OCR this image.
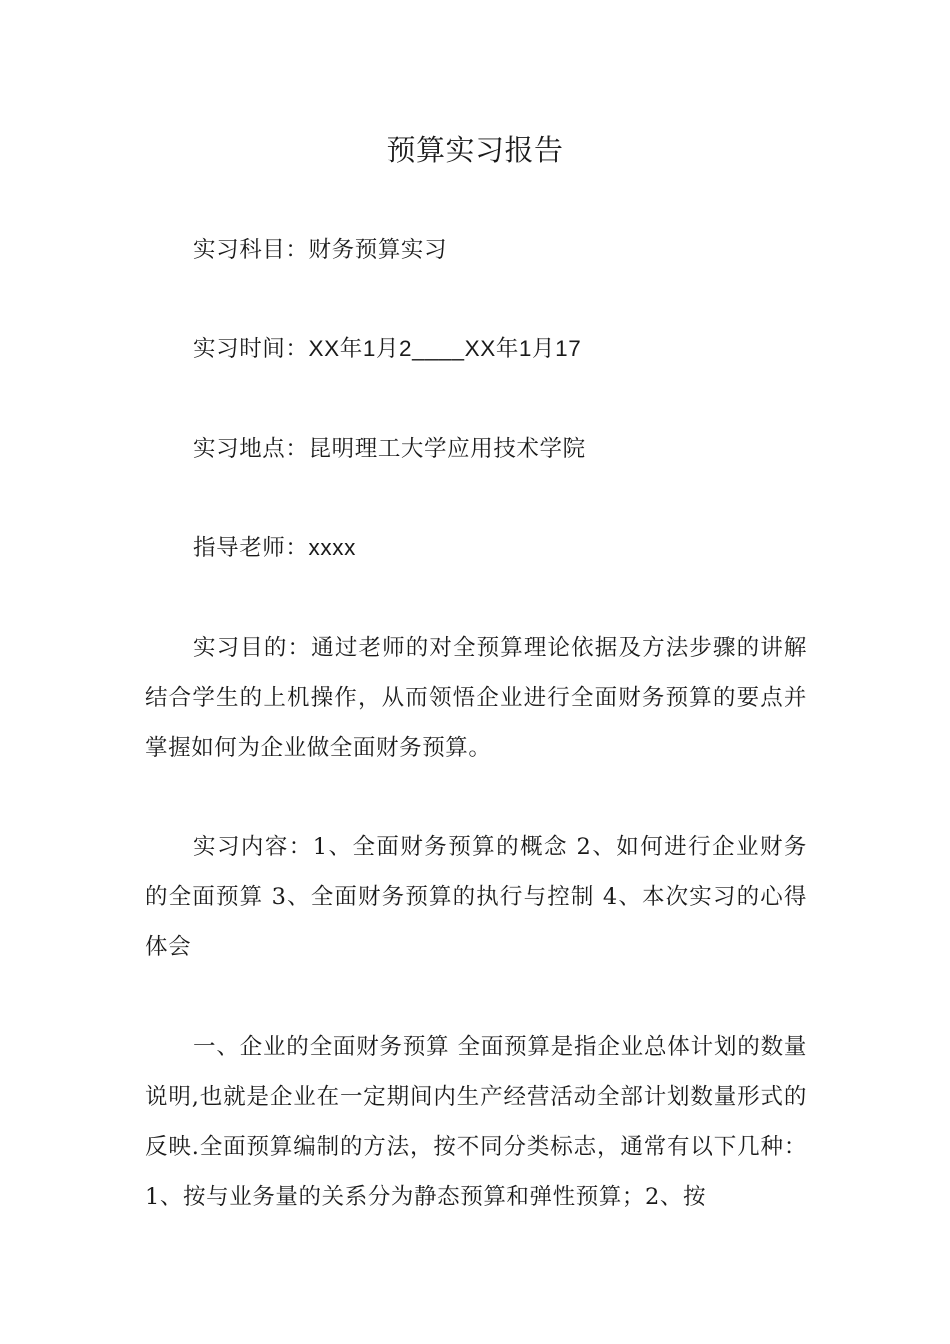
预算实习报告

实习科目：财务预算实习

实习时间：XX年1月2____XX年1月17

实习地点：昆明理工大学应用技术学院

指导老师：xxxx

实习目的：通过老师的对全预算理论依据及方法步骤的讲解结合学生的上机操作，从而领悟企业进行全面财务预算的要点并掌握如何为企业做全面财务预算。

实习内容：1、全面财务预算的概念 2、如何进行企业财务的全面预算 3、全面财务预算的执行与控制 4、本次实习的心得体会

一、企业的全面财务预算 全面预算是指企业总体计划的数量说明,也就是企业在一定期间内生产经营活动全部计划数量形式的反映.全面预算编制的方法，按不同分类标志，通常有以下几种：1、按与业务量的关系分为静态预算和弹性预算；2、按
